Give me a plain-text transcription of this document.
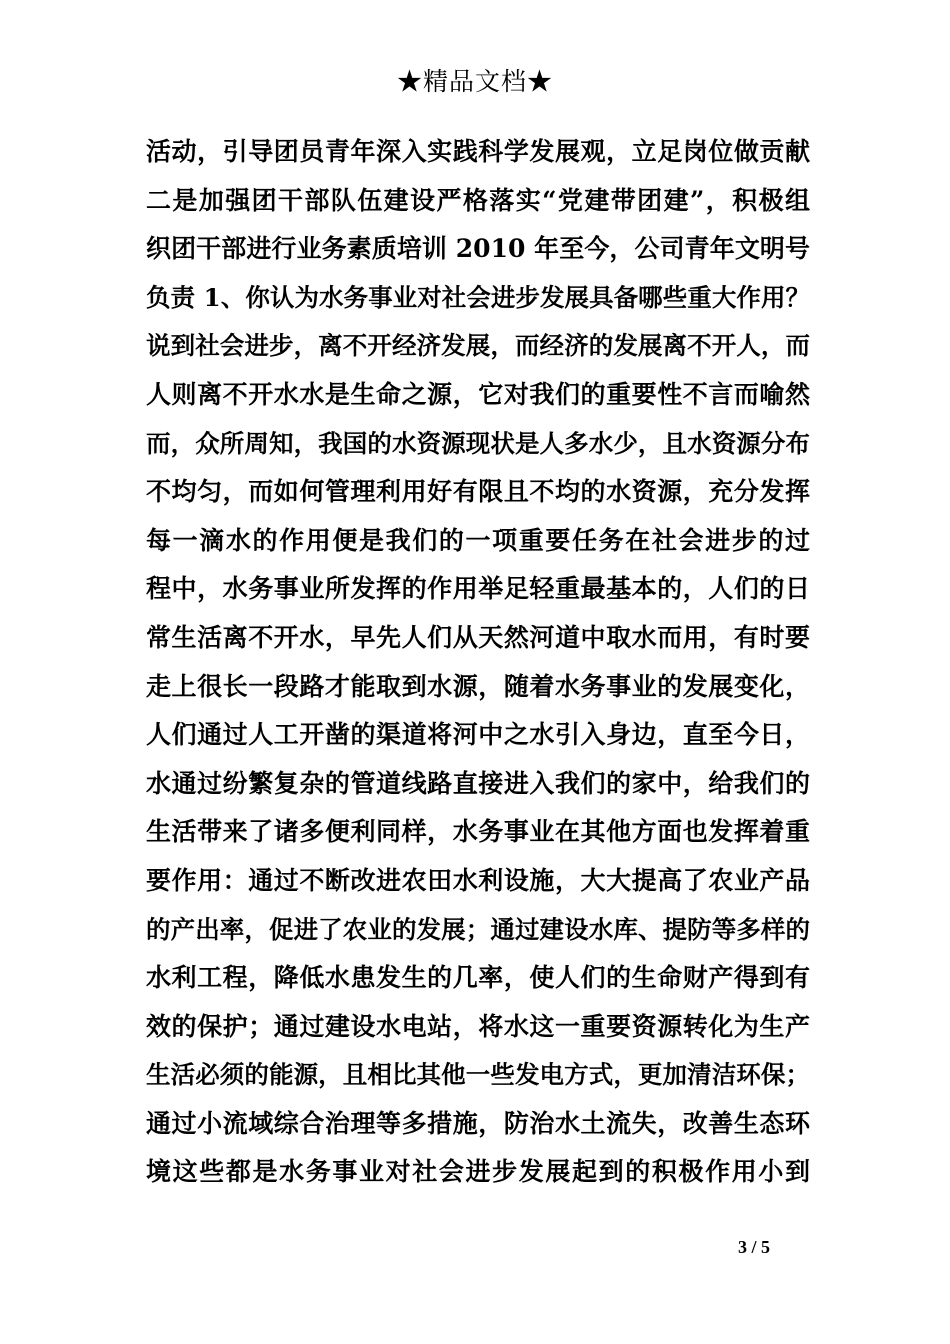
★精品文档★
活动，引导团员青年深入实践科学发展观，立足岗位做贡献
二是加强团干部队伍建设严格落实“党建带团建”，积极组
织团干部进行业务素质培训 2010 年至今，公司青年文明号
负责 1、你认为水务事业对社会进步发展具备哪些重大作用？
说到社会进步，离不开经济发展，而经济的发展离不开人，而
人则离不开水水是生命之源，它对我们的重要性不言而喻然
而，众所周知，我国的水资源现状是人多水少，且水资源分布
不均匀，而如何管理利用好有限且不均的水资源，充分发挥
每一滴水的作用便是我们的一项重要任务在社会进步的过
程中，水务事业所发挥的作用举足轻重最基本的，人们的日
常生活离不开水，早先人们从天然河道中取水而用，有时要
走上很长一段路才能取到水源，随着水务事业的发展变化，
人们通过人工开凿的渠道将河中之水引入身边，直至今日，
水通过纷繁复杂的管道线路直接进入我们的家中，给我们的
生活带来了诸多便利同样，水务事业在其他方面也发挥着重
要作用：通过不断改进农田水利设施，大大提高了农业产品
的产出率，促进了农业的发展；通过建设水库、提防等多样的
水利工程，降低水患发生的几率，使人们的生命财产得到有
效的保护；通过建设水电站，将水这一重要资源转化为生产
生活必须的能源，且相比其他一些发电方式，更加清洁环保；
通过小流域综合治理等多措施，防治水土流失，改善生态环
境这些都是水务事业对社会进步发展起到的积极作用小到
3 / 5
